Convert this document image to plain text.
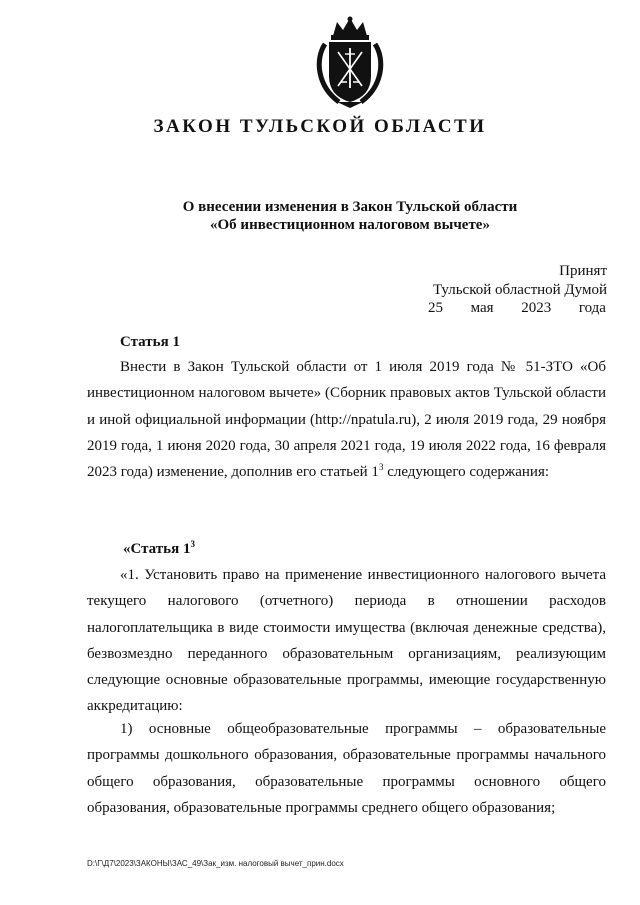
ЗАКОН ТУЛЬСКОЙ ОБЛАСТИ
О внесении изменения в Закон Тульской области
«Об инвестиционном налоговом вычете»
Принят
Тульской областной Думой
25 мая 2023 года
Статья 1

Внести в Закон Тульской области от 1 июля 2019 года № 51-ЗТО «Об инвестиционном налоговом вычете» (Сборник правовых актов Тульской области и иной официальной информации (http://npatula.ru), 2 июля 2019 года, 29 ноября 2019 года, 1 июня 2020 года, 30 апреля 2021 года, 19 июля 2022 года, 16 февраля 2023 года) изменение, дополнив его статьей $1^3$ следующего содержания:

«Статья $1^3$

«1. Установить право на применение инвестиционного налогового вычета текущего налогового (отчетного) периода в отношении расходов налогоплательщика в виде стоимости имущества (включая денежные средства), безвозмездно переданного образовательным организациям, реализующим следующие основные образовательные программы, имеющие государственную аккредитацию:

1) основные общеобразовательные программы – образовательные программы дошкольного образования, образовательные программы начального общего образования, образовательные программы основного общего образования, образовательные программы среднего общего образования;

D:\Г\Д7\2023\ЗАКОНЫ\ЗАС_49\Зак_изм. налоговый вычет_прин.docx
